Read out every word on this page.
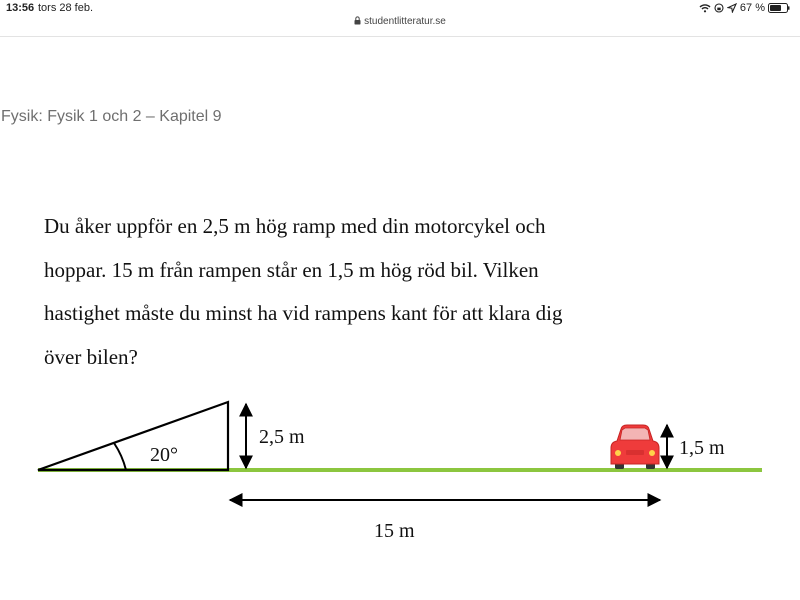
13:56 tors 28 feb.
studentlitteratur.se
67 %
Fysik: Fysik 1 och 2 – Kapitel 9
Du åker uppför en 2,5 m hög ramp med din motorcykel och
hoppar. 15 m från rampen står en 1,5 m hög röd bil. Vilken
hastighet måste du minst ha vid rampens kant för att klara dig
över bilen?
20°
2,5 m
15 m
1,5 m
